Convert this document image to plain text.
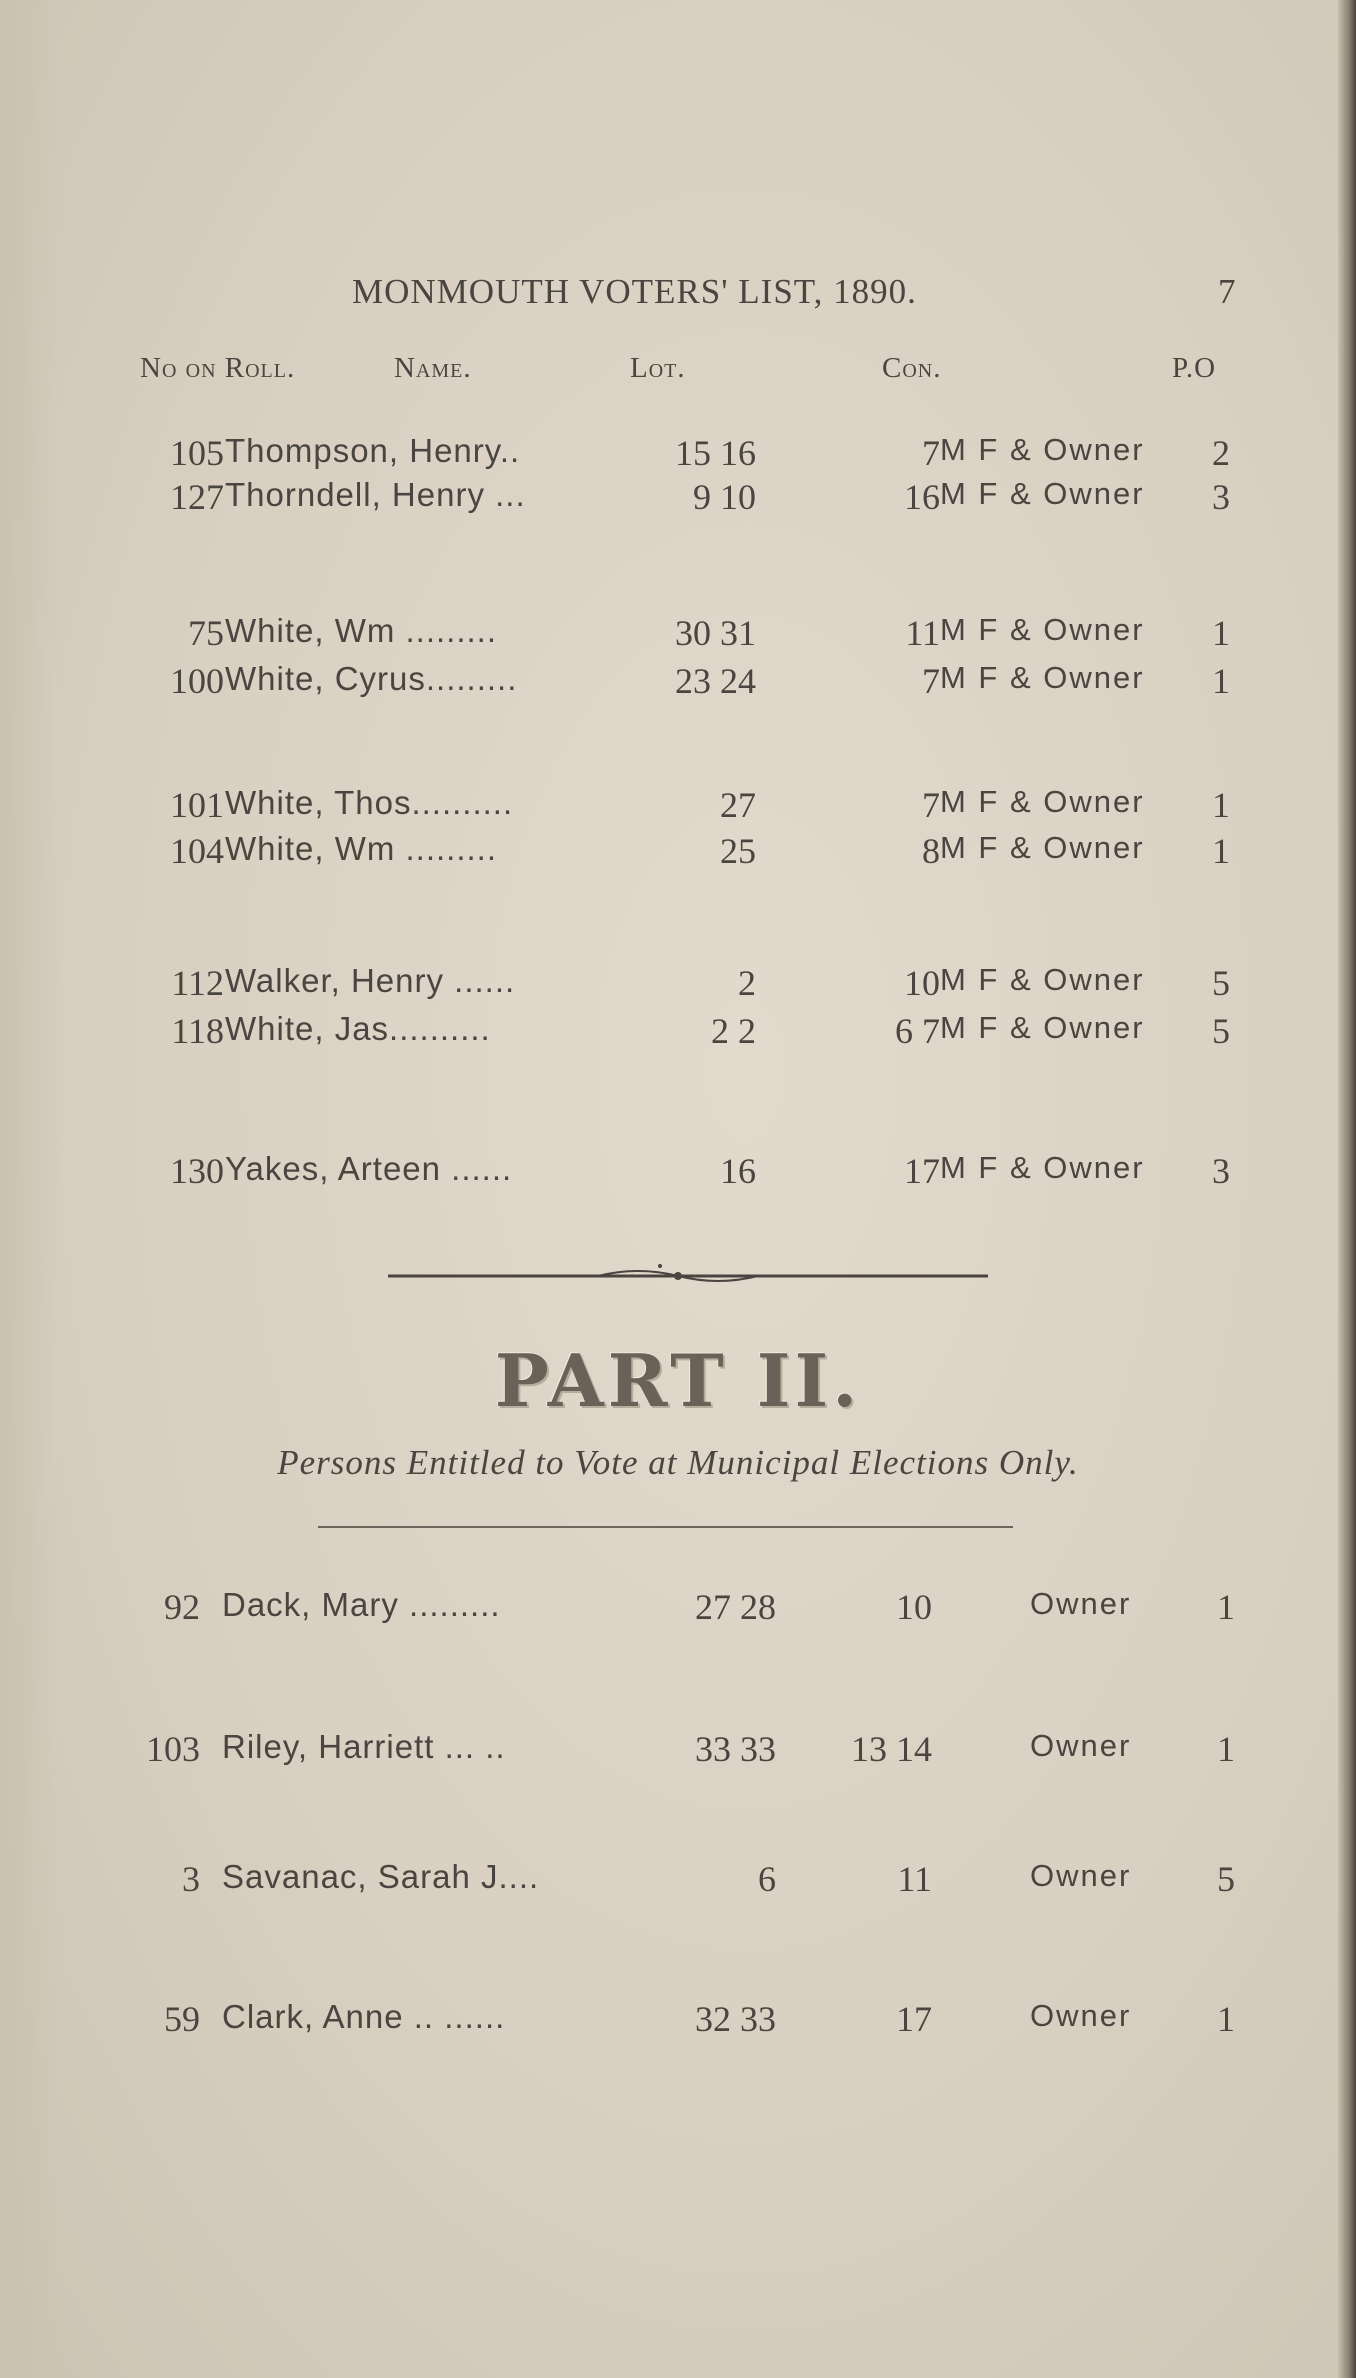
MONMOUTH VOTERS' LIST, 1890.	7
No on Roll.	Name.	Lot.	Con.	P.O
105 Thompson, Henry..	15 16	7 M F & Owner 2
127 Thorndell, Henry ...	9 10	16 M F & Owner 3
75 White, Wm .........	30 31	11 M F & Owner 1
100 White, Cyrus.........	23 24	7 M F & Owner 1
101 White, Thos..........	27	7 M F & Owner 1
104 White, Wm .........	25	8 M F & Owner 1
112 Walker, Henry ......	2	10 M F & Owner 5
118 White, Jas..........	2 2	6 7 M F & Owner 5
130 Yakes, Arteen ......	16	17 M F & Owner 3
PART II.
Persons Entitled to Vote at Municipal Elections Only.
92 Dack, Mary .........	27 28	10	Owner 1
103 Riley, Harriett ... ..	33 33	13 14	Owner 1
3 Savanac, Sarah J....	6	11	Owner 5
59 Clark, Anne .. ......	32 33	17	Owner 1
